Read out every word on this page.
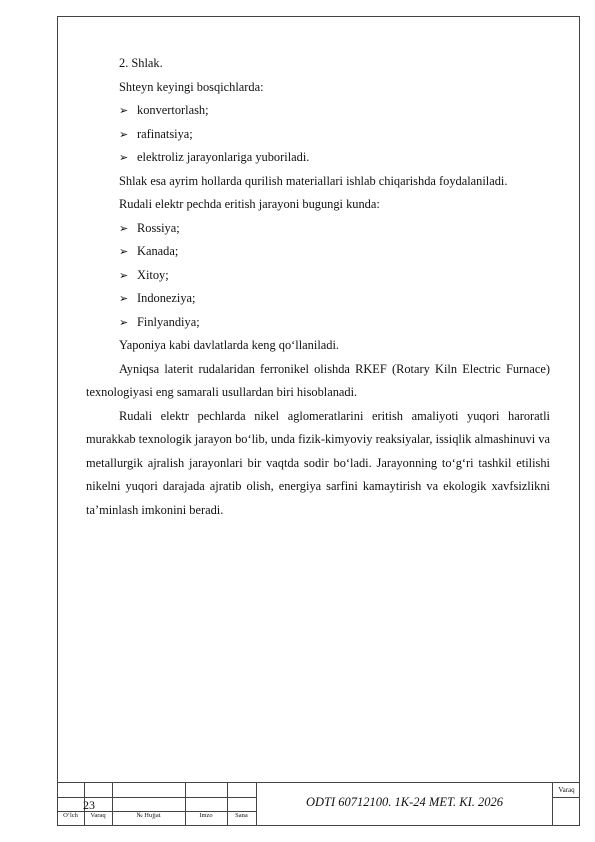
2. Shlak.

Shteyn keyingi bosqichlarda:

➢ konvertorlash;
➢ rafinatsiya;
➢ elektroliz jarayonlariga yuboriladi.

Shlak esa ayrim hollarda qurilish materiallari ishlab chiqarishda foydalaniladi.

Rudali elektr pechda eritish jarayoni bugungi kunda:

➢ Rossiya;
➢ Kanada;
➢ Xitoy;
➢ Indoneziya;
➢ Finlyandiya;

Yaponiya kabi davlatlarda keng qo‘llaniladi.

Ayniqsa laterit rudalaridan ferronikel olishda RKEF (Rotary Kiln Electric Furnace) texnologiyasi eng samarali usullardan biri hisoblanadi.

Rudali elektr pechlarda nikel aglomeratlarini eritish amaliyoti yuqori haroratli murakkab texnologik jarayon bo‘lib, unda fizik-kimyoviy reaksiyalar, issiqlik almashinuvi va metallurgik ajralish jarayonlari bir vaqtda sodir bo‘ladi. Jarayonning to‘g‘ri tashkil etilishi nikelni yuqori darajada ajratib olish, energiya sarfini kamaytirish va ekologik xavfsizlikni ta’minlash imkonini beradi.

23	ODTI 60712100. 1K-24 MET. KI. 2026
Varaq
O‘lch	Varaq	№ Hujjat	Imzo	Sana
